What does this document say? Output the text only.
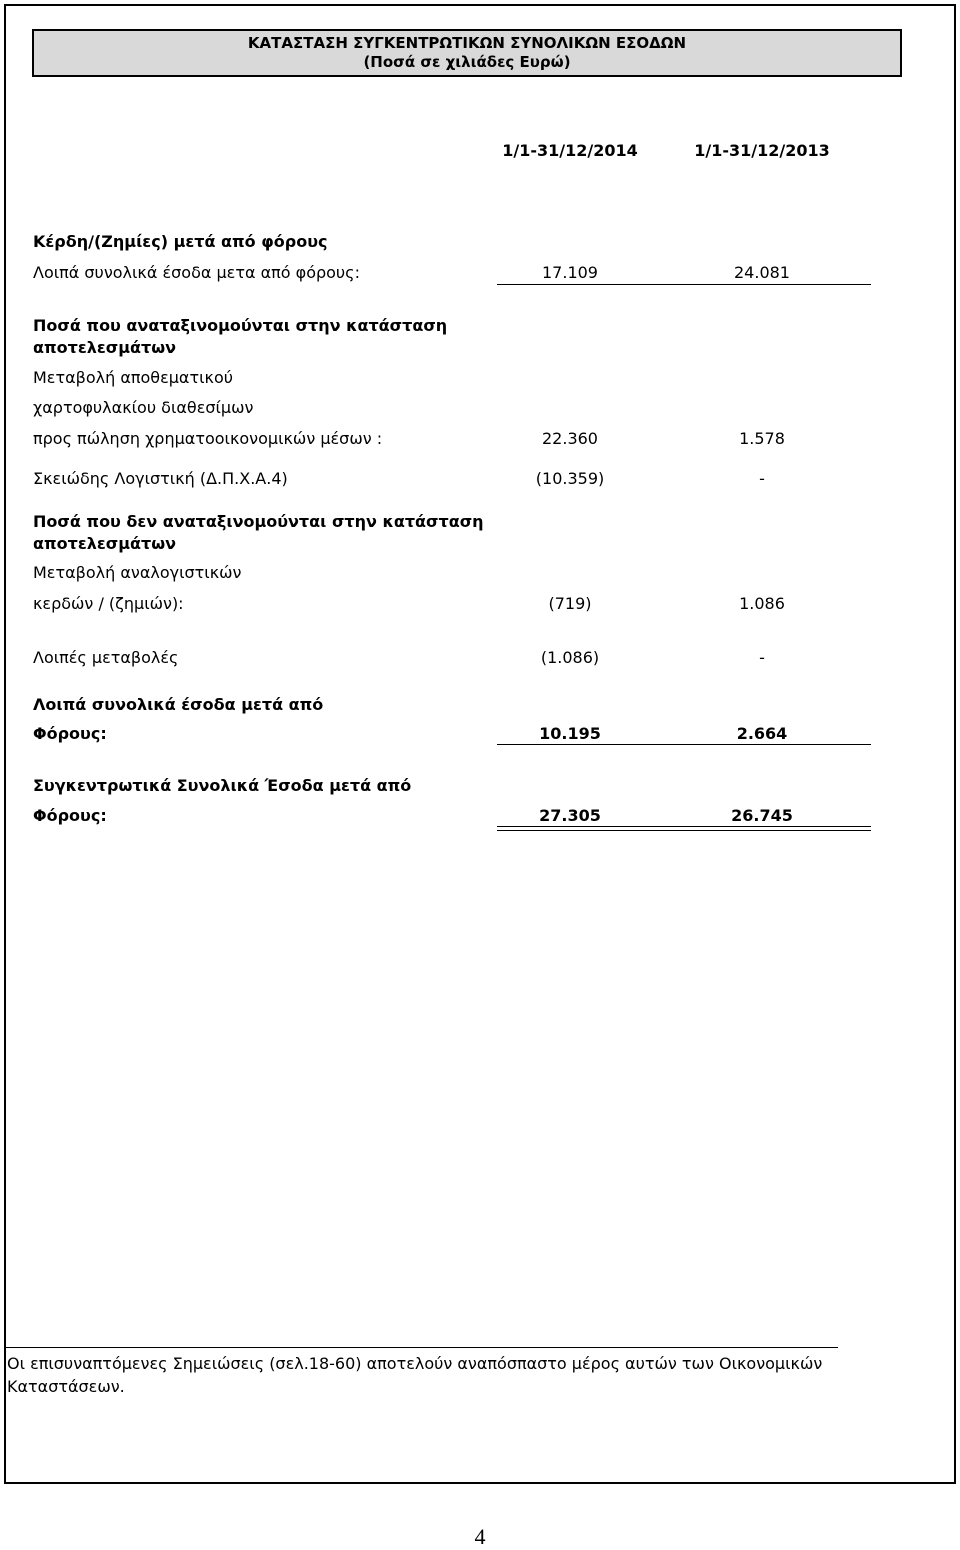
ΚΑΤΑΣΤΑΣΗ ΣΥΓΚΕΝΤΡΩΤΙΚΩΝ ΣΥΝΟΛΙΚΩΝ ΕΣΟΔΩΝ
(Ποσά σε χιλιάδες Ευρώ)
1/1-31/12/2014	1/1-31/12/2013
Κέρδη/(Ζημίες) μετά από φόρους
Λοιπά συνολικά έσοδα μετα από φόρους:	17.109	24.081
Ποσά που αναταξινομούνται στην κατάσταση
αποτελεσμάτων
Μεταβολή αποθεματικού
χαρτοφυλακίου διαθεσίμων
προς πώληση χρηματοοικονομικών μέσων :	22.360	1.578
Σκειώδης Λογιστική (Δ.Π.Χ.Α.4)	(10.359)	-
Ποσά που δεν αναταξινομούνται στην κατάσταση
αποτελεσμάτων
Μεταβολή αναλογιστικών
κερδών / (ζημιών):	(719)	1.086
Λοιπές μεταβολές	(1.086)	-
Λοιπά συνολικά έσοδα μετά από
Φόρους:	10.195	2.664
Συγκεντρωτικά Συνολικά Έσοδα μετά από
Φόρους:	27.305	26.745
Οι επισυναπτόμενες Σημειώσεις (σελ.18-60) αποτελούν αναπόσπαστο μέρος αυτών των Οικονομικών Καταστάσεων.
4
